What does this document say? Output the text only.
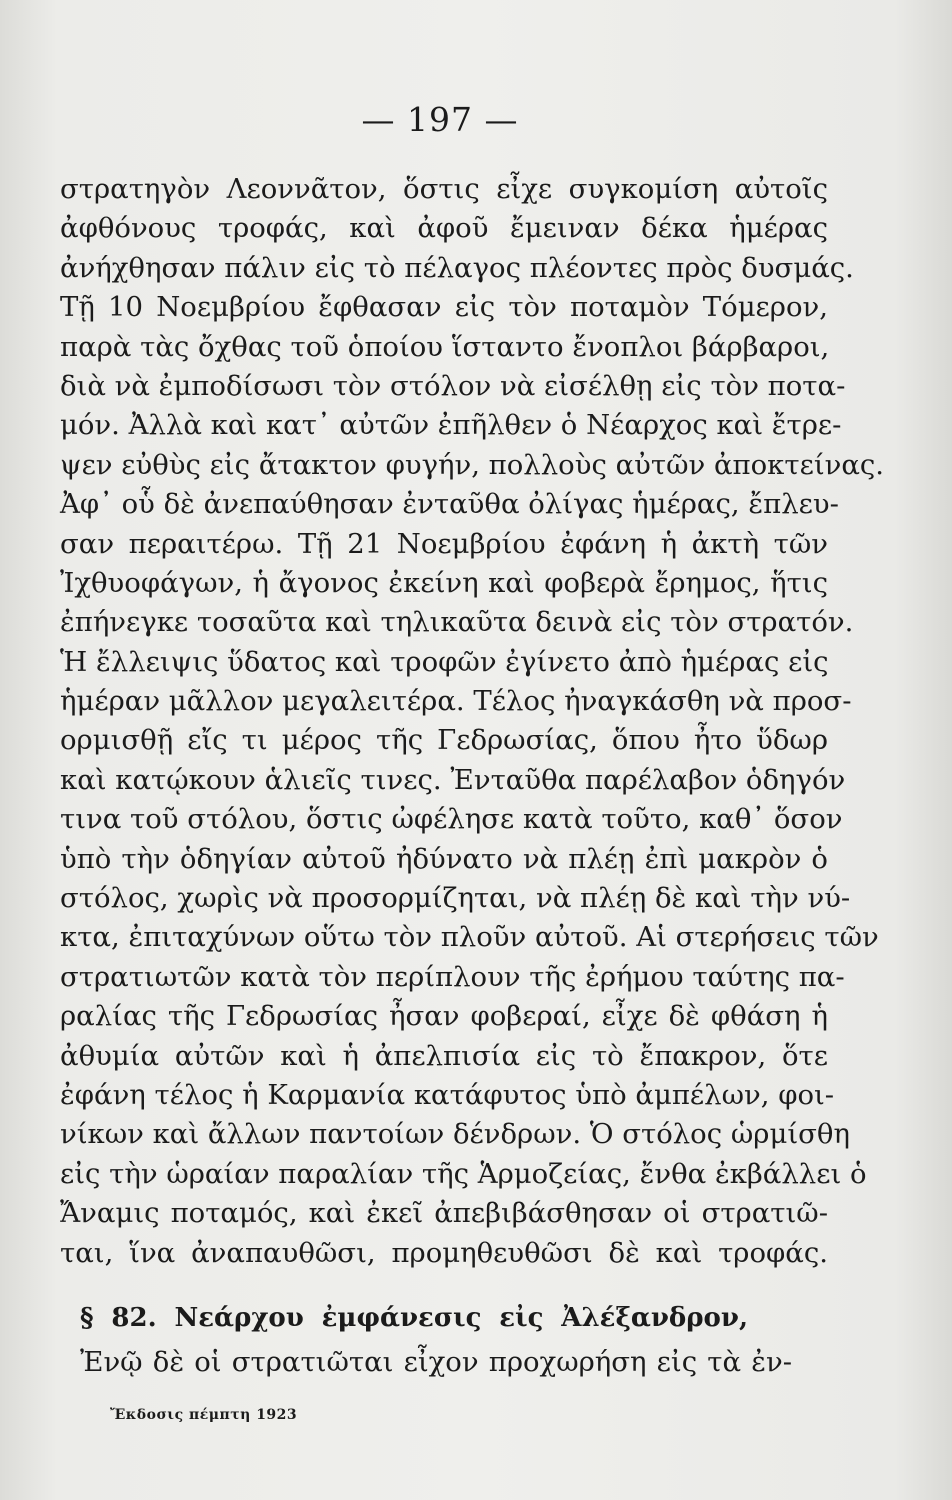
— 197 —
στρατηγὸν Λεοννᾶτον, ὅστις εἶχε συγκομίση αὐτοῖς
ἀφθόνους τροφάς, καὶ ἀφοῦ ἔμειναν δέκα ἡμέρας
ἀνήχθησαν πάλιν εἰς τὸ πέλαγος πλέοντες πρὸς δυσμάς.
Τῇ 10 Νοεμβρίου ἔφθασαν εἰς τὸν ποταμὸν Τόμερον,
παρὰ τὰς ὄχθας τοῦ ὁποίου ἵσταντο ἔνοπλοι βάρβαροι,
διὰ νὰ ἐμποδίσωσι τὸν στόλον νὰ εἰσέλθῃ εἰς τὸν ποτα-
μόν. Ἀλλὰ καὶ κατ᾿ αὐτῶν ἐπῆλθεν ὁ Νέαρχος καὶ ἔτρε-
ψεν εὐθὺς εἰς ἄτακτον φυγήν, πολλοὺς αὐτῶν ἀποκτείνας.
Ἀφ᾿ οὗ δὲ ἀνεπαύθησαν ἐνταῦθα ὀλίγας ἡμέρας, ἔπλευ-
σαν περαιτέρω. Τῇ 21 Νοεμβρίου ἐφάνη ἡ ἀκτὴ τῶν
Ἰχθυοφάγων, ἡ ἄγονος ἐκείνη καὶ φοβερὰ ἔρημος, ἥτις
ἐπήνεγκε τοσαῦτα καὶ τηλικαῦτα δεινὰ εἰς τὸν στρατόν.
Ἡ ἔλλειψις ὕδατος καὶ τροφῶν ἐγίνετο ἀπὸ ἡμέρας εἰς
ἡμέραν μᾶλλον μεγαλειτέρα. Τέλος ἠναγκάσθη νὰ προσ-
ορμισθῇ εἴς τι μέρος τῆς Γεδρωσίας, ὅπου ἦτο ὕδωρ
καὶ κατῴκουν ἁλιεῖς τινες. Ἐνταῦθα παρέλαβον ὁδηγόν
τινα τοῦ στόλου, ὅστις ὠφέλησε κατὰ τοῦτο, καθ᾿ ὅσον
ὑπὸ τὴν ὁδηγίαν αὐτοῦ ἠδύνατο νὰ πλέῃ ἐπὶ μακρὸν ὁ
στόλος, χωρὶς νὰ προσορμίζηται, νὰ πλέῃ δὲ καὶ τὴν νύ-
κτα, ἐπιταχύνων οὕτω τὸν πλοῦν αὐτοῦ. Αἱ στερήσεις τῶν
στρατιωτῶν κατὰ τὸν περίπλουν τῆς ἐρήμου ταύτης πα-
ραλίας τῆς Γεδρωσίας ἦσαν φοβεραί, εἶχε δὲ φθάση ἡ
ἀθυμία αὐτῶν καὶ ἡ ἀπελπισία εἰς τὸ ἔπακρον, ὅτε
ἐφάνη τέλος ἡ Καρμανία κατάφυτος ὑπὸ ἀμπέλων, φοι-
νίκων καὶ ἄλλων παντοίων δένδρων. Ὁ στόλος ὡρμίσθη
εἰς τὴν ὡραίαν παραλίαν τῆς Ἁρμοζείας, ἔνθα ἐκβάλλει ὁ
Ἄναμις ποταμός, καὶ ἐκεῖ ἀπεβιβάσθησαν οἱ στρατιῶ-
ται, ἵνα ἀναπαυθῶσι, προμηθευθῶσι δὲ καὶ τροφάς.
§ 82. Νεάρχου ἐμφάνεσις εἰς Ἀλέξανδρον,
Ἐνῷ δὲ οἱ στρατιῶται εἶχον προχωρήση εἰς τὰ ἐν-
Ἔκδοσις πέμπτη 1923
